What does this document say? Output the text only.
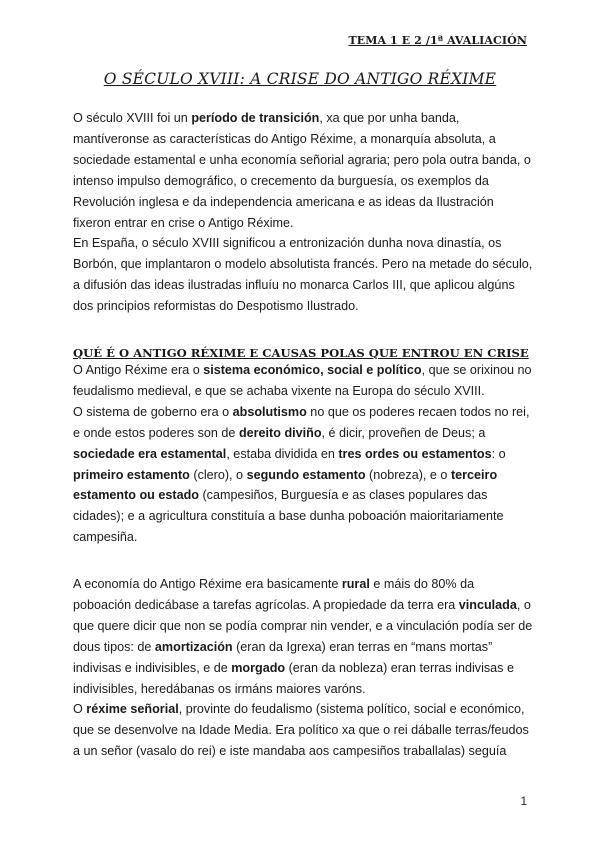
TEMA 1 E 2 /1ª AVALIACIÓN
O SÉCULO XVIII: A CRISE DO ANTIGO RÉXIME

O século XVIII foi un período de transición, xa que por unha banda, mantíveronse as características do Antigo Réxime, a monarquía absoluta, a sociedade estamental e unha economía señorial agraria; pero pola outra banda, o intenso impulso demográfico, o crecemento da burguesía, os exemplos da Revolución inglesa e da independencia americana e as ideas da Ilustración fixeron entrar en crise o Antigo Réxime.

En España, o século XVIII significou a entronización dunha nova dinastía, os Borbón, que implantaron o modelo absolutista francés. Pero na metade do século, a difusión das ideas ilustradas influíu no monarca Carlos III, que aplicou algúns dos principios reformistas do Despotismo Ilustrado.

QUÉ É O ANTIGO RÉXIME E CAUSAS POLAS QUE ENTROU EN CRISE

O Antigo Réxime era o sistema económico, social e político, que se orixinou no feudalismo medieval, e que se achaba vixente na Europa do século XVIII.

O sistema de goberno era o absolutismo no que os poderes recaen todos no rei, e onde estos poderes son de dereito diviño, é dicir, proveñen de Deus; a sociedade era estamental, estaba dividida en tres ordes ou estamentos: o primeiro estamento (clero), o segundo estamento (nobreza), e o terceiro estamento ou estado (campesiños, Burguesía e as clases populares das cidades); e a agricultura constituía a base dunha poboación maioritariamente campesiña.

A economía do Antigo Réxime era basicamente rural e máis do 80% da poboación dedicábase a tarefas agrícolas. A propiedade da terra era vinculada, o que quere dicir que non se podía comprar nin vender, e a vinculación podía ser de dous tipos: de amortización (eran da Igrexa) eran terras en “mans mortas” indivisas e indivisibles, e de morgado (eran da nobleza) eran terras indivisas e indivisibles, heredábanas os irmáns maiores varóns.

O réxime señorial, provinte do feudalismo (sistema político, social e económico, que se desenvolve na Idade Media. Era político xa que o rei dáballe terras/feudos a un señor (vasalo do rei) e iste mandaba aos campesiños traballalas) seguía

1
